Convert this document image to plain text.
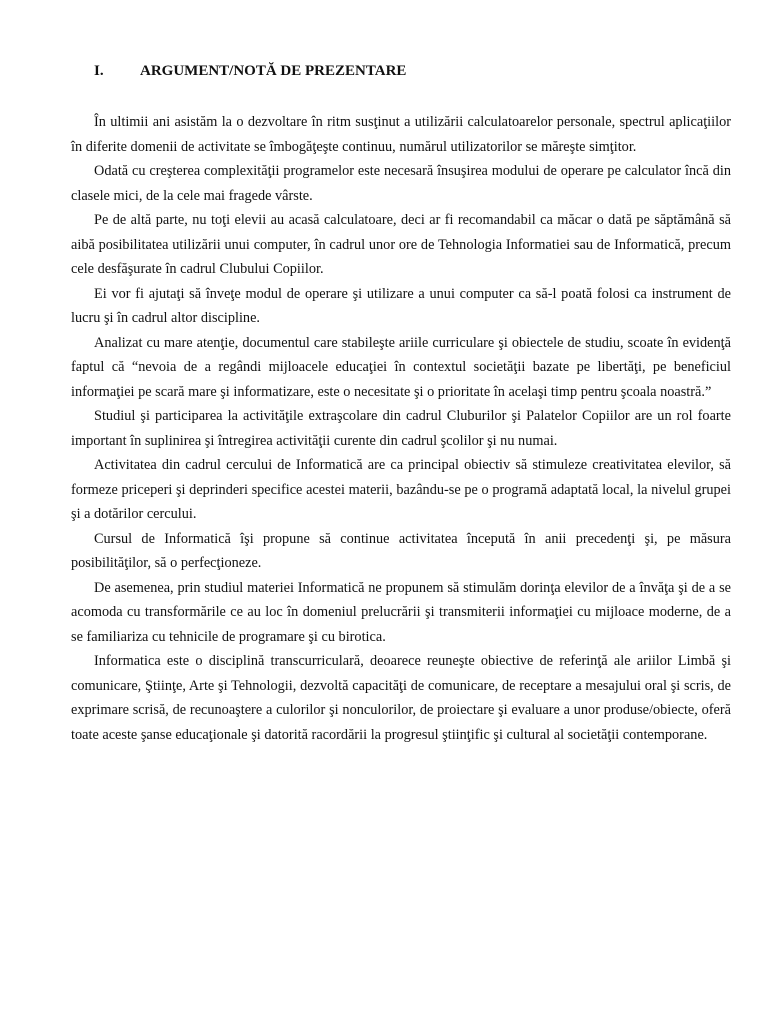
I.	ARGUMENT/NOTĂ DE PREZENTARE

În ultimii ani asistăm la o dezvoltare în ritm susţinut a utilizării calculatoarelor personale, spectrul aplicaţiilor în diferite domenii de activitate se îmbogăţeşte continuu, numărul utilizatorilor se măreşte simţitor.

Odată cu creşterea complexităţii programelor este necesară însuşirea modului de operare pe calculator încă din clasele mici, de la cele mai fragede vârste.

Pe de altă parte, nu toţi elevii au acasă calculatoare, deci ar fi recomandabil ca măcar o dată pe săptămână să aibă posibilitatea utilizării unui computer, în cadrul unor ore de Tehnologia Informatiei sau de Informatică, precum cele desfăşurate în cadrul Clubului Copiilor.

Ei vor fi ajutaţi să înveţe modul de operare şi utilizare a unui computer ca să-l poată folosi ca instrument de lucru şi în cadrul altor discipline.

Analizat cu mare atenţie, documentul care stabileşte ariile curriculare şi obiectele de studiu, scoate în evidenţă faptul că “nevoia de a regândi mijloacele educaţiei în contextul societăţii bazate pe libertăţi, pe beneficiul informaţiei pe scară mare şi informatizare, este o necesitate şi o prioritate în acelaşi timp pentru şcoala noastră.”

Studiul şi participarea la activităţile extraşcolare din cadrul Cluburilor şi Palatelor Copiilor are un rol foarte important în suplinirea şi întregirea activităţii curente din cadrul şcolilor şi nu numai.

Activitatea din cadrul cercului de Informatică are ca principal obiectiv să stimuleze creativitatea elevilor, să formeze priceperi şi deprinderi specifice acestei materii, bazându-se pe o programă adaptată local, la nivelul grupei şi a dotărilor cercului.

Cursul de Informatică îşi propune să continue activitatea începută în anii precedenţi şi, pe măsura posibilităţilor, să o perfecţioneze.

De asemenea, prin studiul materiei Informatică ne propunem să stimulăm dorinţa elevilor de a învăţa şi de a se acomoda cu transformările ce au loc în domeniul prelucrării şi transmiterii informaţiei cu mijloace moderne, de a se familiariza cu tehnicile de programare şi cu birotica.

Informatica este o disciplină transcurriculară, deoarece reuneşte obiective de referinţă ale ariilor Limbă şi comunicare, Ştiinţe, Arte şi Tehnologii, dezvoltă capacităţi de comunicare, de receptare a mesajului oral şi scris, de exprimare scrisă, de recunoaştere a culorilor şi nonculorilor, de proiectare şi evaluare a unor produse/obiecte, oferă toate aceste şanse educaţionale şi datorită racordării la progresul ştiinţific şi cultural al societăţii contemporane.
